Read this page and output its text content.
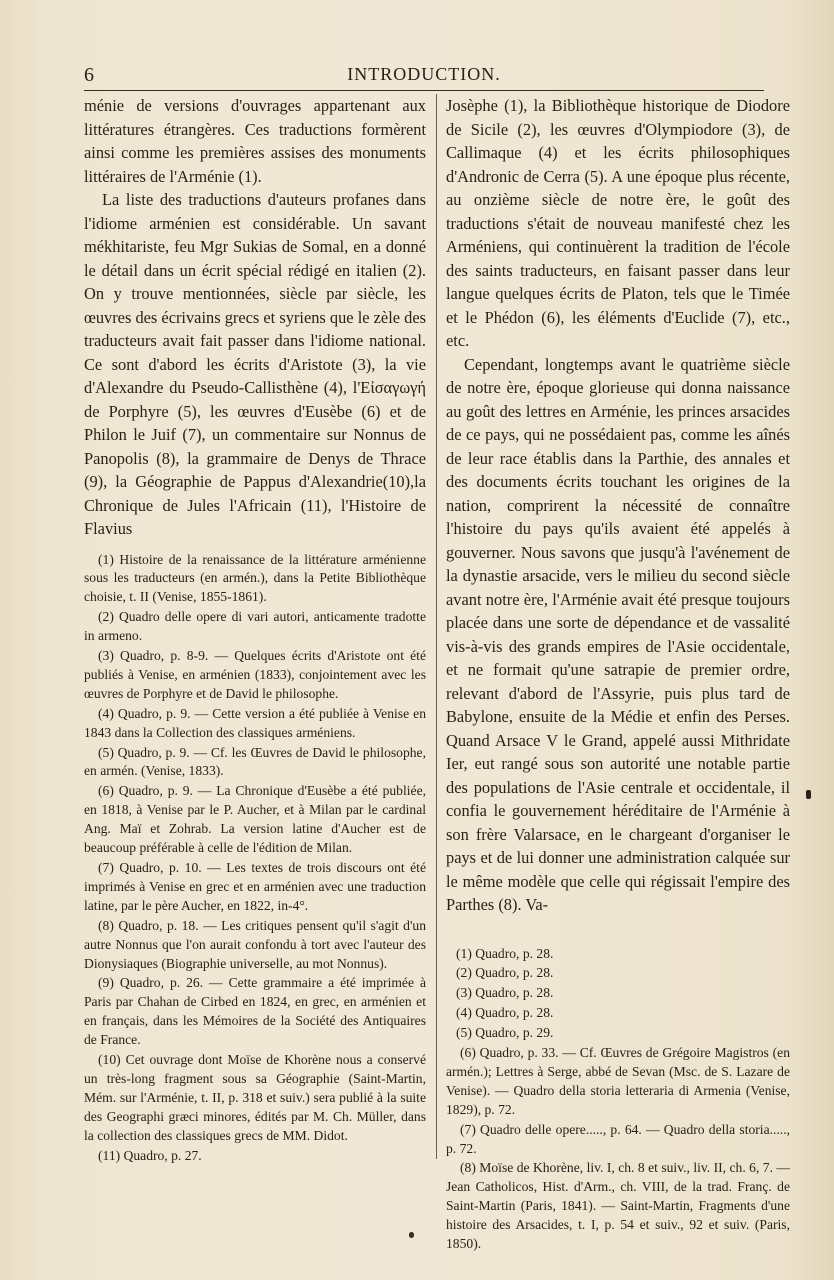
6	INTRODUCTION.

ménie de versions d'ouvrages appartenant aux littératures étrangères. Ces traductions formèrent ainsi comme les premières assises des monuments littéraires de l'Arménie (1).

La liste des traductions d'auteurs profanes dans l'idiome arménien est considérable. Un savant mékhitariste, feu Mgr Sukias de Somal, en a donné le détail dans un écrit spécial rédigé en italien (2). On y trouve mentionnées, siècle par siècle, les œuvres des écrivains grecs et syriens que le zèle des traducteurs avait fait passer dans l'idiome national. Ce sont d'abord les écrits d'Aristote (3), la vie d'Alexandre du Pseudo-Callisthène (4), l'Εἰσαγωγή de Porphyre (5), les œuvres d'Eusèbe (6) et de Philon le Juif (7), un commentaire sur Nonnus de Panopolis (8), la grammaire de Denys de Thrace (9), la Géographie de Pappus d'Alexandrie(10),la Chronique de Jules l'Africain (11), l'Histoire de Flavius

(1) Histoire de la renaissance de la littérature arménienne sous les traducteurs (en armén.), dans la Petite Bibliothèque choisie, t. II (Venise, 1855-1861).

(2) Quadro delle opere di vari autori, anticamente tradotte in armeno.

(3) Quadro, p. 8-9. — Quelques écrits d'Aristote ont été publiés à Venise, en arménien (1833), conjointement avec les œuvres de Porphyre et de David le philosophe.

(4) Quadro, p. 9. — Cette version a été publiée à Venise en 1843 dans la Collection des classiques arméniens.

(5) Quadro, p. 9. — Cf. les Œuvres de David le philosophe, en armén. (Venise, 1833).

(6) Quadro, p. 9. — La Chronique d'Eusèbe a été publiée, en 1818, à Venise par le P. Aucher, et à Milan par le cardinal Ang. Maï et Zohrab. La version latine d'Aucher est de beaucoup préférable à celle de l'édition de Milan.

(7) Quadro, p. 10. — Les textes de trois discours ont été imprimés à Venise en grec et en arménien avec une traduction latine, par le père Aucher, en 1822, in-4°.

(8) Quadro, p. 18. — Les critiques pensent qu'il s'agit d'un autre Nonnus que l'on aurait confondu à tort avec l'auteur des Dionysiaques (Biographie universelle, au mot Nonnus).

(9) Quadro, p. 26. — Cette grammaire a été imprimée à Paris par Chahan de Cirbed en 1824, en grec, en arménien et en français, dans les Mémoires de la Société des Antiquaires de France.

(10) Cet ouvrage dont Moïse de Khorène nous a conservé un très-long fragment sous sa Géographie (Saint-Martin, Mém. sur l'Arménie, t. II, p. 318 et suiv.) sera publié à la suite des Geographi græci minores, édités par M. Ch. Müller, dans la collection des classiques grecs de MM. Didot.

(11) Quadro, p. 27.

Josèphe (1), la Bibliothèque historique de Diodore de Sicile (2), les œuvres d'Olympiodore (3), de Callimaque (4) et les écrits philosophiques d'Andronic de Cerra (5). A une époque plus récente, au onzième siècle de notre ère, le goût des traductions s'était de nouveau manifesté chez les Arméniens, qui continuèrent la tradition de l'école des saints traducteurs, en faisant passer dans leur langue quelques écrits de Platon, tels que le Timée et le Phédon (6), les éléments d'Euclide (7), etc., etc.

Cependant, longtemps avant le quatrième siècle de notre ère, époque glorieuse qui donna naissance au goût des lettres en Arménie, les princes arsacides de ce pays, qui ne possédaient pas, comme les aînés de leur race établis dans la Parthie, des annales et des documents écrits touchant les origines de la nation, comprirent la nécessité de connaître l'histoire du pays qu'ils avaient été appelés à gouverner. Nous savons que jusqu'à l'avénement de la dynastie arsacide, vers le milieu du second siècle avant notre ère, l'Arménie avait été presque toujours placée dans une sorte de dépendance et de vassalité vis-à-vis des grands empires de l'Asie occidentale, et ne formait qu'une satrapie de premier ordre, relevant d'abord de l'Assyrie, puis plus tard de Babylone, ensuite de la Médie et enfin des Perses. Quand Arsace V le Grand, appelé aussi Mithridate Ier, eut rangé sous son autorité une notable partie des populations de l'Asie centrale et occidentale, il confia le gouvernement héréditaire de l'Arménie à son frère Valarsace, en le chargeant d'organiser le pays et de lui donner une administration calquée sur le même modèle que celle qui régissait l'empire des Parthes (8). Va-

(1) Quadro, p. 28.

(2) Quadro, p. 28.

(3) Quadro, p. 28.

(4) Quadro, p. 28.

(5) Quadro, p. 29.

(6) Quadro, p. 33. — Cf. Œuvres de Grégoire Magistros (en armén.); Lettres à Serge, abbé de Sevan (Msc. de S. Lazare de Venise). — Quadro della storia letteraria di Armenia (Venise, 1829), p. 72.

(7) Quadro delle opere....., p. 64. — Quadro della storia....., p. 72.

(8) Moïse de Khorène, liv. I, ch. 8 et suiv., liv. II, ch. 6, 7. — Jean Catholicos, Hist. d'Arm., ch. VIII, de la trad. Franç. de Saint-Martin (Paris, 1841). — Saint-Martin, Fragments d'une histoire des Arsacides, t. I, p. 54 et suiv., 92 et suiv. (Paris, 1850).
